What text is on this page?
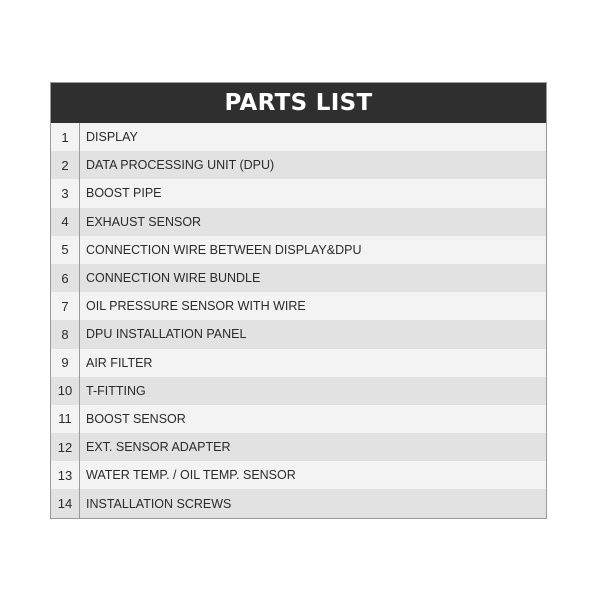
PARTS LIST
1	DISPLAY
2	DATA PROCESSING UNIT (DPU)
3	BOOST PIPE
4	EXHAUST SENSOR
5	CONNECTION WIRE BETWEEN DISPLAY&DPU
6	CONNECTION WIRE BUNDLE
7	OIL PRESSURE SENSOR WITH WIRE
8	DPU INSTALLATION PANEL
9	AIR FILTER
10	T-FITTING
11	BOOST SENSOR
12	EXT. SENSOR ADAPTER
13	WATER TEMP. / OIL TEMP. SENSOR
14	INSTALLATION SCREWS
